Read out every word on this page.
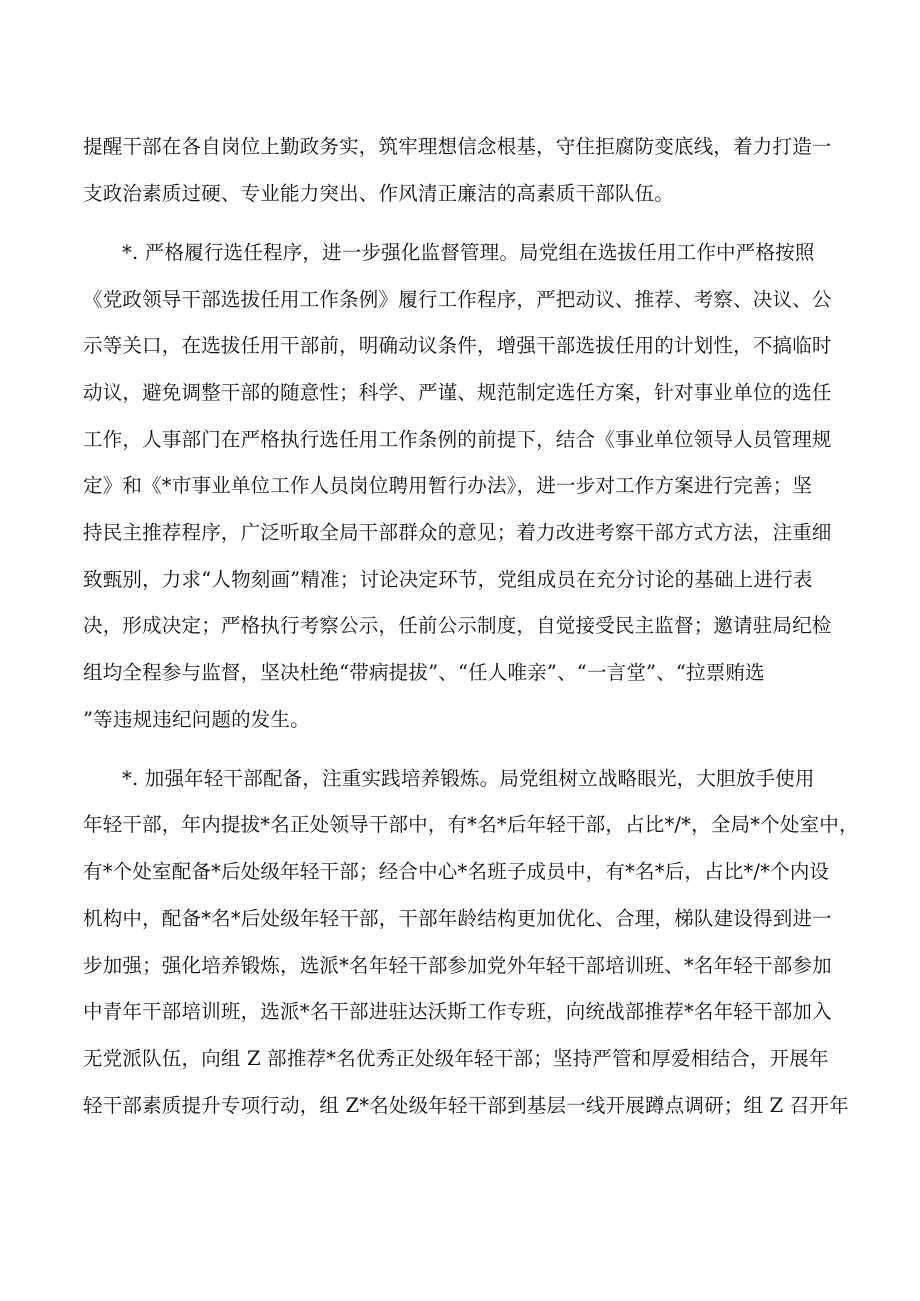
提醒干部在各自岗位上勤政务实，筑牢理想信念根基，守住拒腐防变底线，着力打造一
支政治素质过硬、专业能力突出、作风清正廉洁的高素质干部队伍。
*. 严格履行选任程序，进一步强化监督管理。局党组在选拔任用工作中严格按照
《党政领导干部选拔任用工作条例》履行工作程序，严把动议、推荐、考察、决议、公
示等关口，在选拔任用干部前，明确动议条件，增强干部选拔任用的计划性，不搞临时
动议，避免调整干部的随意性；科学、严谨、规范制定选任方案，针对事业单位的选任
工作，人事部门在严格执行选任用工作条例的前提下，结合《事业单位领导人员管理规
定》和《*市事业单位工作人员岗位聘用暂行办法》，进一步对工作方案进行完善；坚
持民主推荐程序，广泛听取全局干部群众的意见；着力改进考察干部方式方法，注重细
致甄别，力求“人物刻画”精准；讨论决定环节，党组成员在充分讨论的基础上进行表
决，形成决定；严格执行考察公示，任前公示制度，自觉接受民主监督；邀请驻局纪检
组均全程参与监督，坚决杜绝“带病提拔”、“任人唯亲”、“一言堂”、“拉票贿选
”等违规违纪问题的发生。
*. 加强年轻干部配备，注重实践培养锻炼。局党组树立战略眼光，大胆放手使用
年轻干部，年内提拔*名正处领导干部中，有*名*后年轻干部，占比*/*，全局*个处室中，
有*个处室配备*后处级年轻干部；经合中心*名班子成员中，有*名*后，占比*/*个内设
机构中，配备*名*后处级年轻干部，干部年龄结构更加优化、合理，梯队建设得到进一
步加强；强化培养锻炼，选派*名年轻干部参加党外年轻干部培训班、*名年轻干部参加
中青年干部培训班，选派*名干部进驻达沃斯工作专班，向统战部推荐*名年轻干部加入
无党派队伍，向组 Z 部推荐*名优秀正处级年轻干部；坚持严管和厚爱相结合，开展年
轻干部素质提升专项行动，组 Z*名处级年轻干部到基层一线开展蹲点调研；组 Z 召开年
